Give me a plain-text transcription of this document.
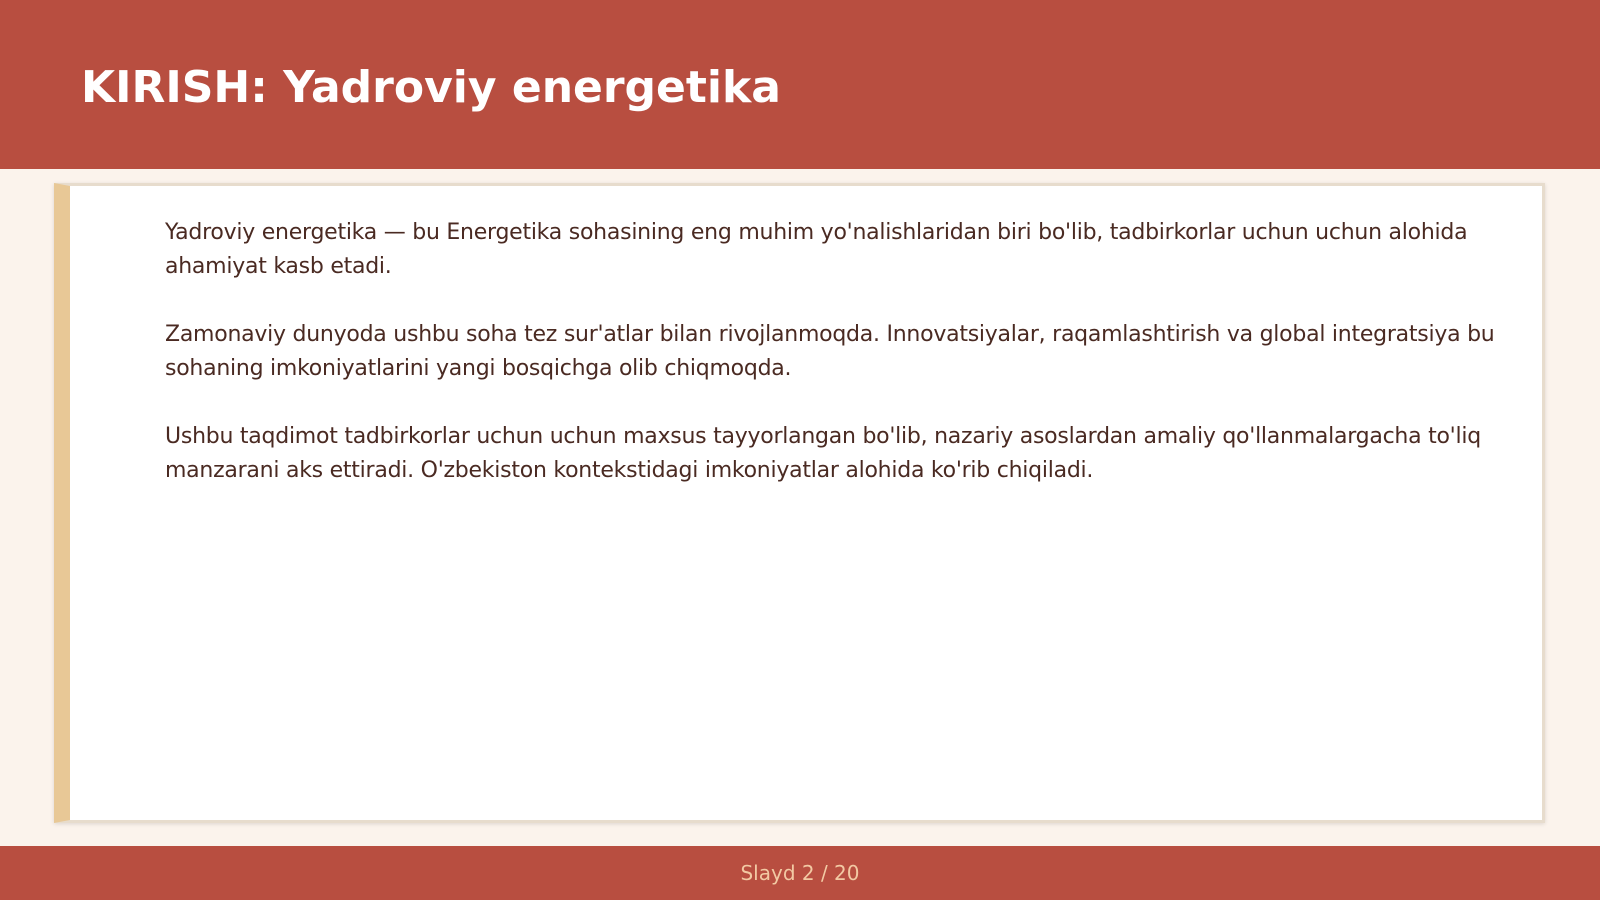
KIRISH: Yadroviy energetika

Yadroviy energetika — bu Energetika sohasining eng muhim yo'nalishlaridan biri bo'lib, tadbirkorlar uchun uchun alohida ahamiyat kasb etadi.

Zamonaviy dunyoda ushbu soha tez sur'atlar bilan rivojlanmoqda. Innovatsiyalar, raqamlashtirish va global integratsiya bu sohaning imkoniyatlarini yangi bosqichga olib chiqmoqda.

Ushbu taqdimot tadbirkorlar uchun uchun maxsus tayyorlangan bo'lib, nazariy asoslardan amaliy qo'llanmalargacha to'liq manzarani aks ettiradi. O'zbekiston kontekstidagi imkoniyatlar alohida ko'rib chiqiladi.

Slayd 2 / 20
